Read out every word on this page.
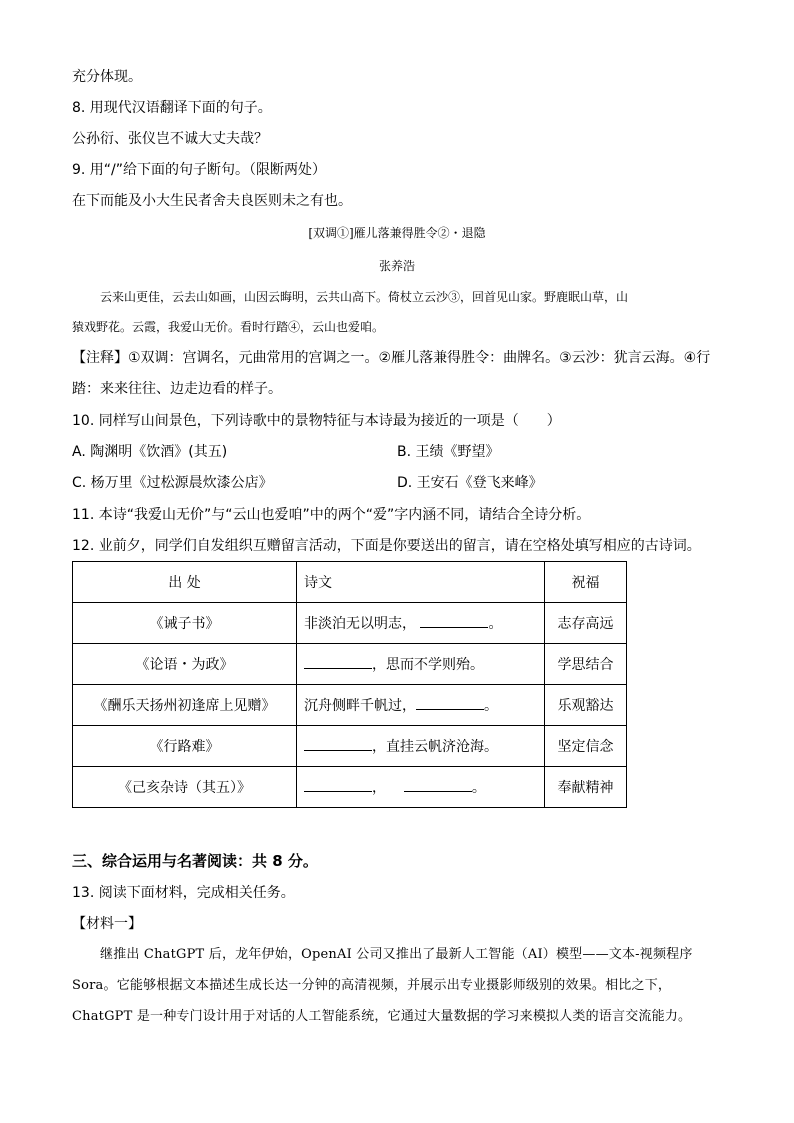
充分体现。
8. 用现代汉语翻译下面的句子。
公孙衍、张仪岂不诚大丈夫哉？
9. 用“/”给下面的句子断句。（限断两处）
在下而能及小大生民者舍夫良医则未之有也。
[双调①]雁儿落兼得胜令②・退隐
张养浩
云来山更佳，云去山如画，山因云晦明，云共山高下。倚杖立云沙③，回首见山家。野鹿眠山草，山
猿戏野花。云霞，我爱山无价。看时行踏④，云山也爱咱。
【注释】①双调：宫调名，元曲常用的宫调之一。②雁儿落兼得胜令：曲牌名。③云沙：犹言云海。④行
踏：来来往往、边走边看的样子。
10. 同样写山间景色，下列诗歌中的景物特征与本诗最为接近的一项是（　　）
A. 陶渊明《饮酒》(其五)	B. 王绩《野望》
C. 杨万里《过松源晨炊漆公店》	D. 王安石《登飞来峰》
11. 本诗“我爱山无价”与“云山也爱咱”中的两个“爱”字内涵不同，请结合全诗分析。
12. 业前夕，同学们自发组织互赠留言活动，下面是你要送出的留言，请在空格处填写相应的古诗词。
出 处	诗文	祝福
《诫子书》	非淡泊无以明志， 。	志存高远
《论语・为政》	，思而不学则殆。	学思结合
《酬乐天扬州初逢席上见赠》	沉舟侧畔千帆过， 。	乐观豁达
《行路难》	，直挂云帆济沧海。	坚定信念
《己亥杂诗（其五）》	， 。	奉献精神
三、综合运用与名著阅读：共 8 分。
13. 阅读下面材料，完成相关任务。
【材料一】
继推出 ChatGPT 后，龙年伊始，OpenAI 公司又推出了最新人工智能（AI）模型——文本-视频程序
Sora。它能够根据文本描述生成长达一分钟的高清视频，并展示出专业摄影师级别的效果。相比之下，
ChatGPT 是一种专门设计用于对话的人工智能系统，它通过大量数据的学习来模拟人类的语言交流能力。
